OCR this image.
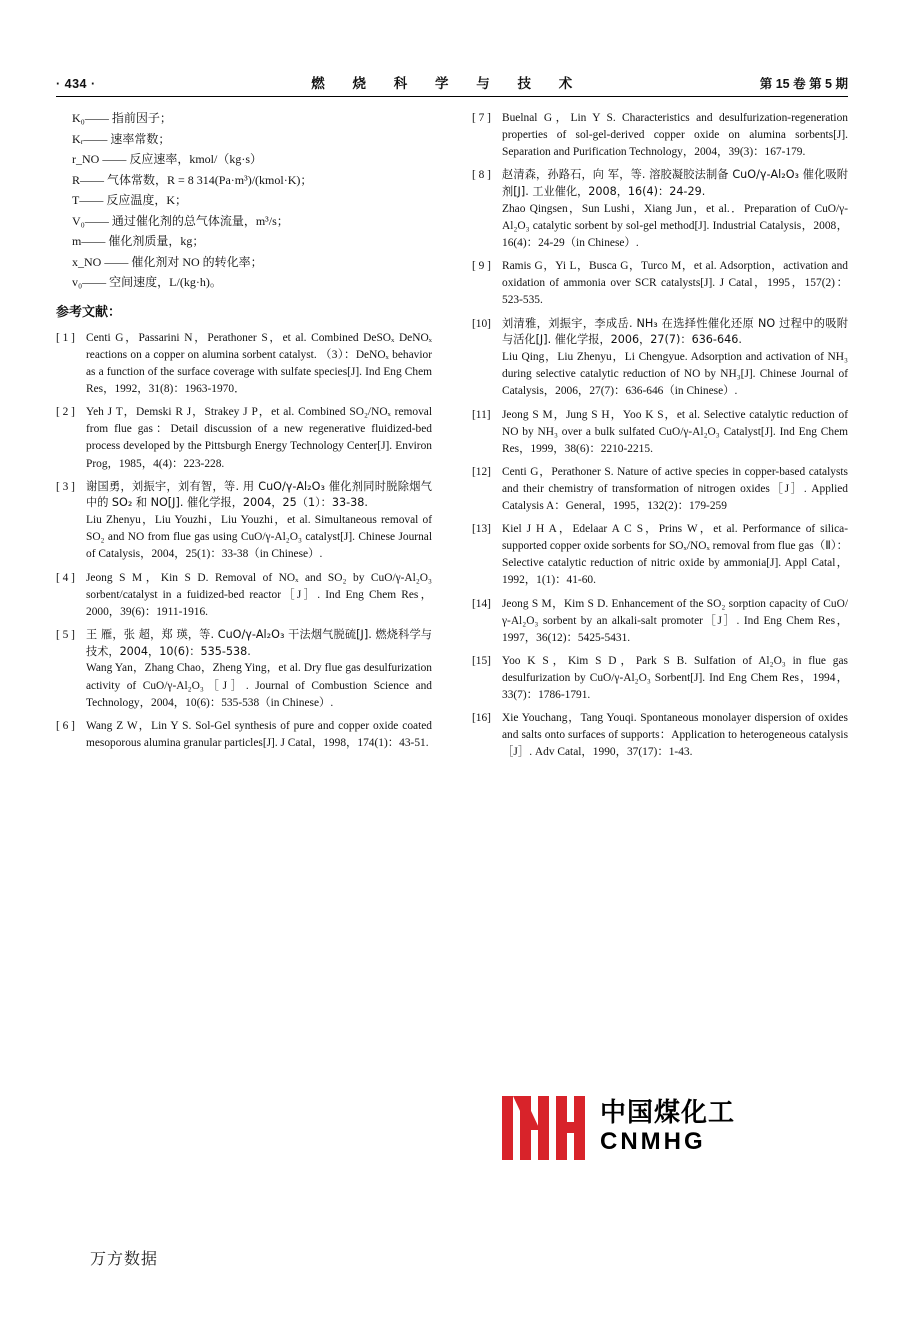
· 434 ·	燃 烧 科 学 与 技 术	第 15 卷 第 5 期
K₀—— 指前因子；
Kᵣ—— 速率常数；
r_NO —— 反应速率，kmol/（kg·s）
R—— 气体常数，R = 8 314(Pa·m³)/(kmol·K)；
T—— 反应温度，K；
V₀—— 通过催化剂的总气体流量，m³/s；
m—— 催化剂质量，kg；
x_NO —— 催化剂对 NO 的转化率；
v₀—— 空间速度，L/(kg·h)。
参考文献：
[ 1 ] Centi G，Passarini N，Perathoner S，et al. Combined DeSOₓ DeNOₓ reactions on a copper on alumina sorbent catalyst. （3）：DeNOₓ behavior as a function of the surface coverage with sulfate species[J]. Ind Eng Chem Res，1992，31(8)：1963-1970．
[ 2 ] Yeh J T，Demski R J，Strakey J P，et al. Combined SO₂/NOₓ removal from flue gas：Detail discussion of a new regenerative fluidized-bed process developed by the Pittsburgh Energy Technology Center[J]. Environ Prog，1985，4(4)：223-228.
[ 3 ] 谢国勇，刘振宇，刘有智，等. 用 CuO/γ-Al₂O₃ 催化剂同时脱除烟气中的 SO₂ 和 NO[J]. 催化学报，2004，25（1）：33-38.
Liu Zhenyu，Liu Youzhi，Liu Youzhi，et al. Simultaneous removal of SO₂ and NO from flue gas using CuO/γ-Al₂O₃ catalyst[J]. Chinese Journal of Catalysis，2004，25(1)：33-38（in Chinese）.
[ 4 ] Jeong S M，Kin S D. Removal of NOₓ and SO₂ by CuO/γ-Al₂O₃ sorbent/catalyst in a fuidized-bed reactor［J］. Ind Eng Chem Res，2000，39(6)：1911-1916.
[ 5 ] 王 雁，张 超，郑 瑛，等. CuO/γ-Al₂O₃ 干法烟气脱硫[J]. 燃烧科学与技术，2004，10(6)：535-538.
Wang Yan，Zhang Chao，Zheng Ying，et al. Dry flue gas desulfurization activity of CuO/γ-Al₂O₃［J］. Journal of Combustion Science and Technology，2004，10(6)：535-538（in Chinese）.
[ 6 ] Wang Z W，Lin Y S. Sol-Gel synthesis of pure and copper oxide coated mesoporous alumina granular particles[J]. J Catal，1998，174(1)：43-51.
[ 7 ] Buelnal G，Lin Y S. Characteristics and desulfurization-regeneration properties of sol-gel-derived copper oxide on alumina sorbents[J]. Separation and Purification Technology，2004，39(3)：167-179.
[ 8 ] 赵清森，孙路石，向 军，等. 溶胶凝胶法制备 CuO/γ-Al₂O₃ 催化吸附剂[J]. 工业催化，2008，16(4)：24-29.
Zhao Qingsen，Sun Lushi，Xiang Jun，et al.．Preparation of CuO/γ-Al₂O₃ catalytic sorbent by sol-gel method[J]. Industrial Catalysis，2008，16(4)：24-29（in Chinese）.
[ 9 ] Ramis G，Yi L，Busca G，Turco M，et al. Adsorption，activation and oxidation of ammonia over SCR catalysts[J]. J Catal，1995，157(2)：523-535.
[10] 刘清雅，刘振宇，李成岳. NH₃ 在选择性催化还原 NO 过程中的吸附与活化[J]. 催化学报，2006，27(7)：636-646.
Liu Qing，Liu Zhenyu，Li Chengyue. Adsorption and activation of NH₃ during selective catalytic reduction of NO by NH₃[J]. Chinese Journal of Catalysis，2006，27(7)：636-646（in Chinese）.
[11]	Jeong S M，Jung S H，Yoo K S，et al. Selective catalytic reduction of NO by NH₃ over a bulk sulfated CuO/γ-Al₂O₃ Catalyst[J]. Ind Eng Chem Res，1999，38(6)：2210-2215.
[12] Centi G，Perathoner S. Nature of active species in copper-based catalysts and their chemistry of transformation of nitrogen oxides［J］. Applied Catalysis A：General，1995，132(2)：179-259
[13] Kiel J H A，Edelaar A C S，Prins W，et al. Performance of silica-supported copper oxide sorbents for SOₓ/NOₓ removal from flue gas（Ⅱ）：Selective catalytic reduction of nitric oxide by ammonia[J]. Appl Catal，1992，1(1)：41-60.
[14] Jeong S M，Kim S D. Enhancement of the SO₂ sorption capacity of CuO/γ-Al₂O₃ sorbent by an alkali-salt promoter［J］. Ind Eng Chem Res，1997，36(12)：5425-5431.
[15] Yoo K S，Kim S D，Park S B. Sulfation of Al₂O₃ in flue gas desulfurization by CuO/γ-Al₂O₃ Sorbent[J]. Ind Eng Chem Res，1994，33(7)：1786-1791.
[16] Xie Youchang，Tang Youqi. Spontaneous monolayer dispersion of oxides and salts onto surfaces of supports：Application to heterogeneous catalysis［J］. Adv Catal，1990，37(17)：1-43.
中国煤化工
CNMHG
万方数据
